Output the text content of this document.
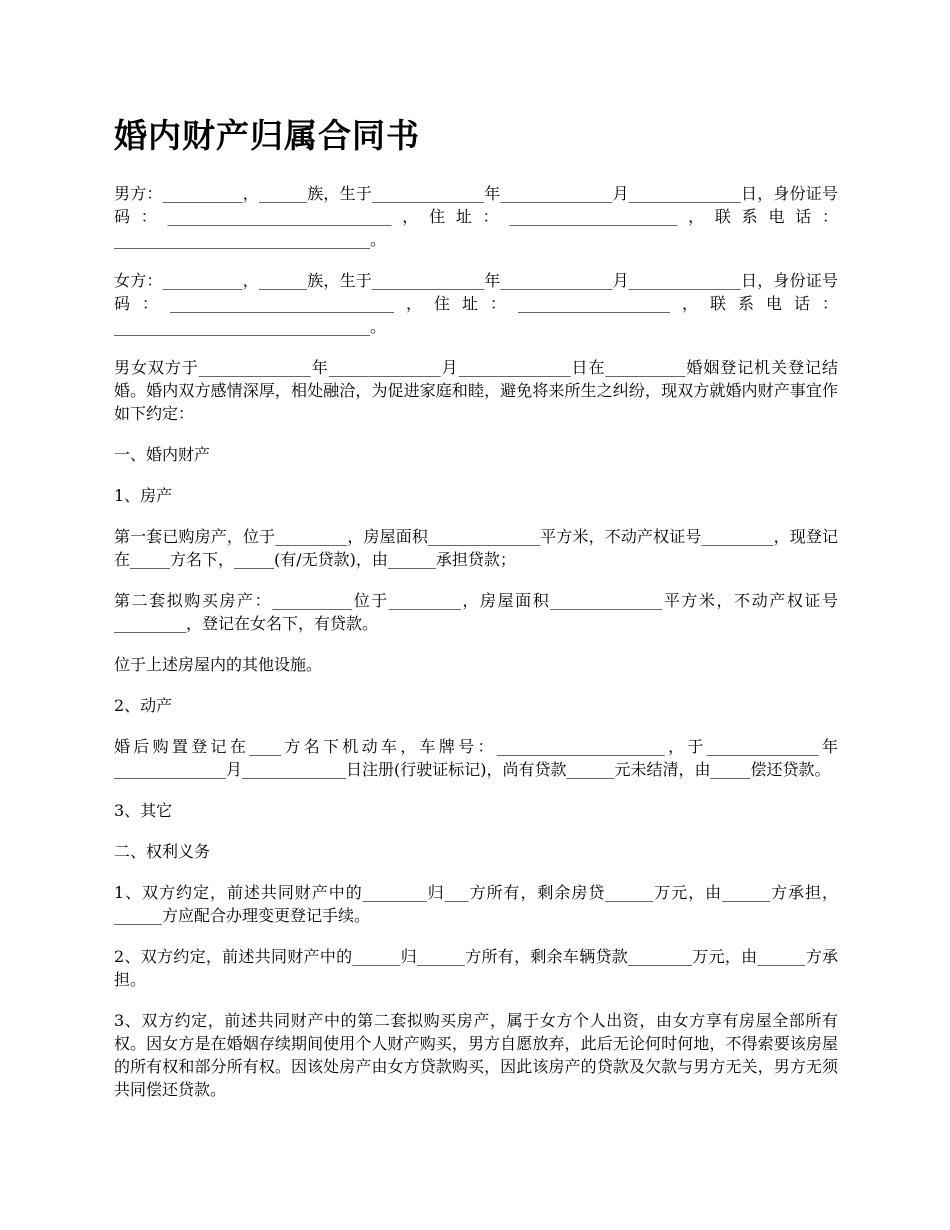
婚内财产归属合同书

男方：__________，______族，生于______________年______________月______________日，身份证号码：____________________________，住址：_____________________，联系电话：________________________________。

女方：__________，______族，生于______________年______________月______________日，身份证号码：____________________________，住址：___________________，联系电话：________________________________。

男女双方于______________年______________月______________日在__________婚姻登记机关登记结婚。婚内双方感情深厚，相处融洽，为促进家庭和睦，避免将来所生之纠纷，现双方就婚内财产事宜作如下约定：

一、婚内财产

1、房产

第一套已购房产，位于_________，房屋面积______________平方米，不动产权证号_________，现登记在_____方名下，_____(有/无贷款)，由______承担贷款；

第二套拟购买房产：__________位于_________，房屋面积______________平方米，不动产权证号_________，登记在女名下，有贷款。

位于上述房屋内的其他设施。

2、动产

婚后购置登记在____方名下机动车，车牌号：_____________________，于______________年______________月_____________日注册(行驶证标记)，尚有贷款______元未结清，由_____偿还贷款。

3、其它

二、权利义务

1、双方约定，前述共同财产中的________归___方所有，剩余房贷______万元，由______方承担，______方应配合办理变更登记手续。

2、双方约定，前述共同财产中的______归______方所有，剩余车辆贷款________万元，由______方承担。

3、双方约定，前述共同财产中的第二套拟购买房产，属于女方个人出资，由女方享有房屋全部所有权。因女方是在婚姻存续期间使用个人财产购买，男方自愿放弃，此后无论何时何地，不得索要该房屋的所有权和部分所有权。因该处房产由女方贷款购买，因此该房产的贷款及欠款与男方无关，男方无须共同偿还贷款。
